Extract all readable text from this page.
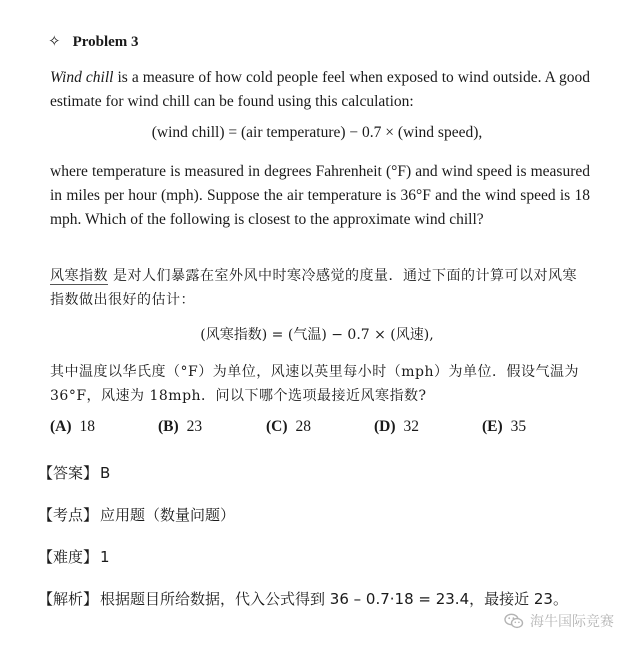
✧ Problem 3
Wind chill is a measure of how cold people feel when exposed to wind outside. A good estimate for wind chill can be found using this calculation:
(wind chill) = (air temperature) − 0.7 × (wind speed),
where temperature is measured in degrees Fahrenheit (°F) and wind speed is measured in miles per hour (mph). Suppose the air temperature is 36°F and the wind speed is 18 mph. Which of the following is closest to the approximate wind chill?
风寒指数 是对人们暴露在室外风中时寒冷感觉的度量．通过下面的计算可以对风寒指数做出很好的估计：
(风寒指数) = (气温) − 0.7 × (风速),
其中温度以华氏度（°F）为单位，风速以英里每小时（mph）为单位．假设气温为 36°F，风速为 18mph．问以下哪个选项最接近风寒指数?
(A) 18	(B) 23	(C) 28	(D) 32	(E) 35
【答案】 B
【考点】 应用题（数量问题）
【难度】 1
【解析】 根据题目所给数据，代入公式得到 36 – 0.7·18 = 23.4，最接近 23。
海牛国际竞赛
